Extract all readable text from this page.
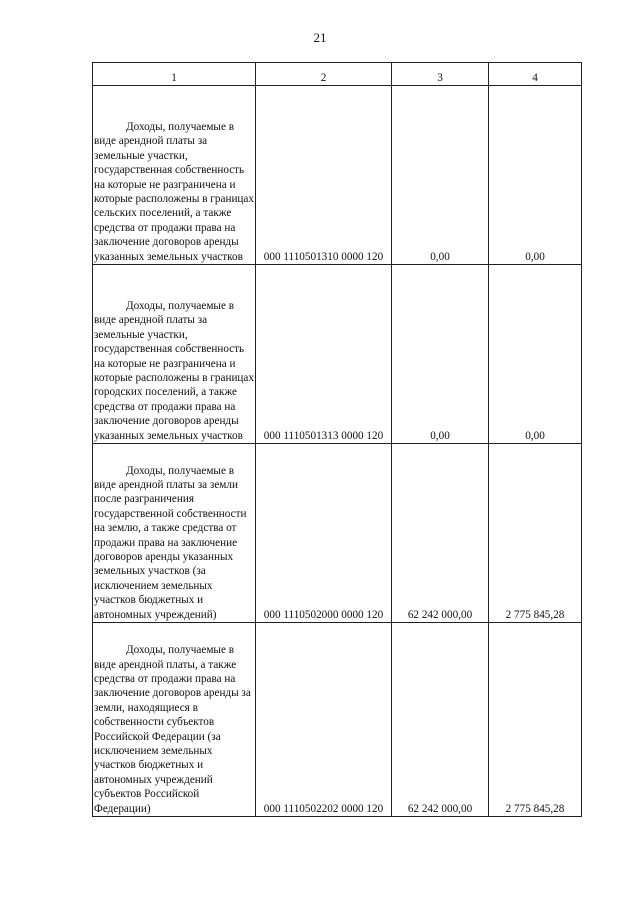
21
1	2	3	4
Доходы, получаемые в виде арендной платы за земельные участки, государственная собственность на которые не разграничена и которые расположены в границах сельских поселений, а также средства от продажи права на заключение договоров аренды указанных земельных участков	000 1110501310 0000 120	0,00	0,00
Доходы, получаемые в виде арендной платы за земельные участки, государственная собственность на которые не разграничена и которые расположены в границах городских поселений, а также средства от продажи права на заключение договоров аренды указанных земельных участков	000 1110501313 0000 120	0,00	0,00
Доходы, получаемые в виде арендной платы за земли после разграничения государственной собственности на землю, а также средства от продажи права на заключение договоров аренды указанных земельных участков (за исключением земельных участков бюджетных и автономных учреждений)	000 1110502000 0000 120	62 242 000,00	2 775 845,28
Доходы, получаемые в виде арендной платы, а также средства от продажи права на заключение договоров аренды за земли, находящиеся в собственности субъектов Российской Федерации (за исключением земельных участков бюджетных и автономных учреждений субъектов Российской Федерации)	000 1110502202 0000 120	62 242 000,00	2 775 845,28
